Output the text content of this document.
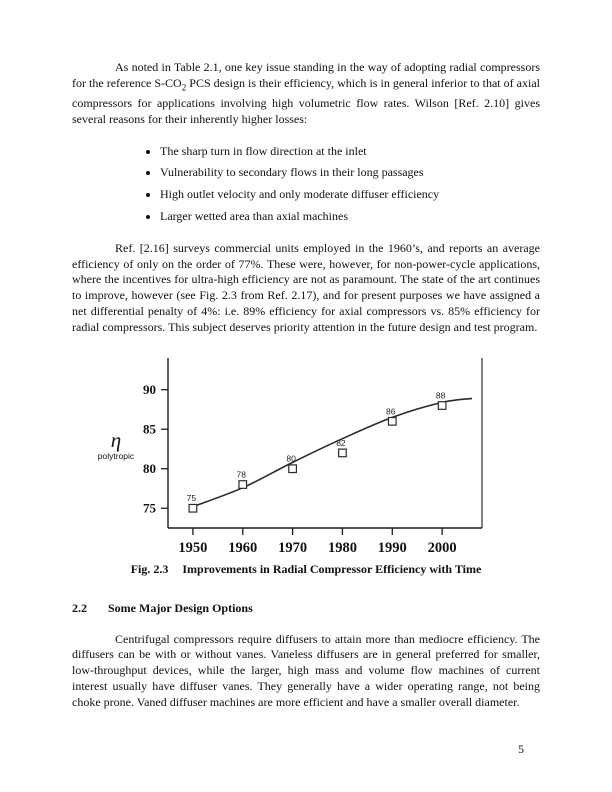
As noted in Table 2.1, one key issue standing in the way of adopting radial compressors for the reference $S-CO_2$ PCS design is their efficiency, which is in general inferior to that of axial compressors for applications involving high volumetric flow rates. Wilson [Ref. 2.10] gives several reasons for their inherently higher losses:

• The sharp turn in flow direction at the inlet
• Vulnerability to secondary flows in their long passages
• High outlet velocity and only moderate diffuser efficiency
• Larger wetted area than axial machines

Ref. [2.16] surveys commercial units employed in the 1960’s, and reports an average efficiency of only on the order of 77%. These were, however, for non-power-cycle applications, where the incentives for ultra-high efficiency are not as paramount. The state of the art continues to improve, however (see Fig. 2.3 from Ref. 2.17), and for present purposes we have assigned a net differential penalty of 4%: i.e. 89% efficiency for axial compressors vs. 85% efficiency for radial compressors. This subject deserves priority attention in the future design and test program.

75
80
85
90
1950 1960 1970 1980 1990 2000
η
polytropic
75
78
80
82
86
88
Fig. 2.3 Improvements in Radial Compressor Efficiency with Time
2.2 Some Major Design Options

Centrifugal compressors require diffusers to attain more than mediocre efficiency. The diffusers can be with or without vanes. Vaneless diffusers are in general preferred for smaller, low-throughput devices, while the larger, high mass and volume flow machines of current interest usually have diffuser vanes. They generally have a wider operating range, not being choke prone. Vaned diffuser machines are more efficient and have a smaller overall diameter.

5
